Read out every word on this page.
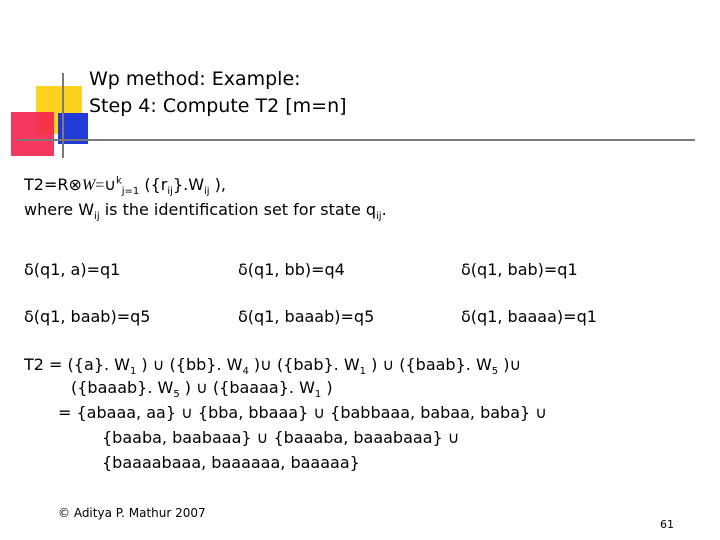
Wp method: Example:
Step 4: Compute T2 [m=n]
T2=R⊗W=∪$^k_{j=1}$ ($\{r_{ij}\}.W_{ij}$ ),
where $W_{ij}$ is the identification set for state $q_{ij}$.
δ(q1, a)=q1	δ(q1, bb)=q4	δ(q1, bab)=q1
δ(q1, baab)=q5	δ(q1, baaab)=q5	δ(q1, baaaa)=q1
T2 = ({a}. $W_1$ ) ∪ ({bb}. $W_4$ )∪ ({bab}. $W_1$ ) ∪ ({baab}. $W_5$ )∪
({baaab}. $W_5$ ) ∪ ({baaaa}. $W_1$ )
= {abaaa, aa} ∪ {bba, bbaaa} ∪ {babbaaa, babaa, baba} ∪
{baaba, baabaaa} ∪ {baaaba, baaabaaa} ∪
{baaaabaaa, baaaaaa, baaaaa}
© Aditya P. Mathur 2007
61
